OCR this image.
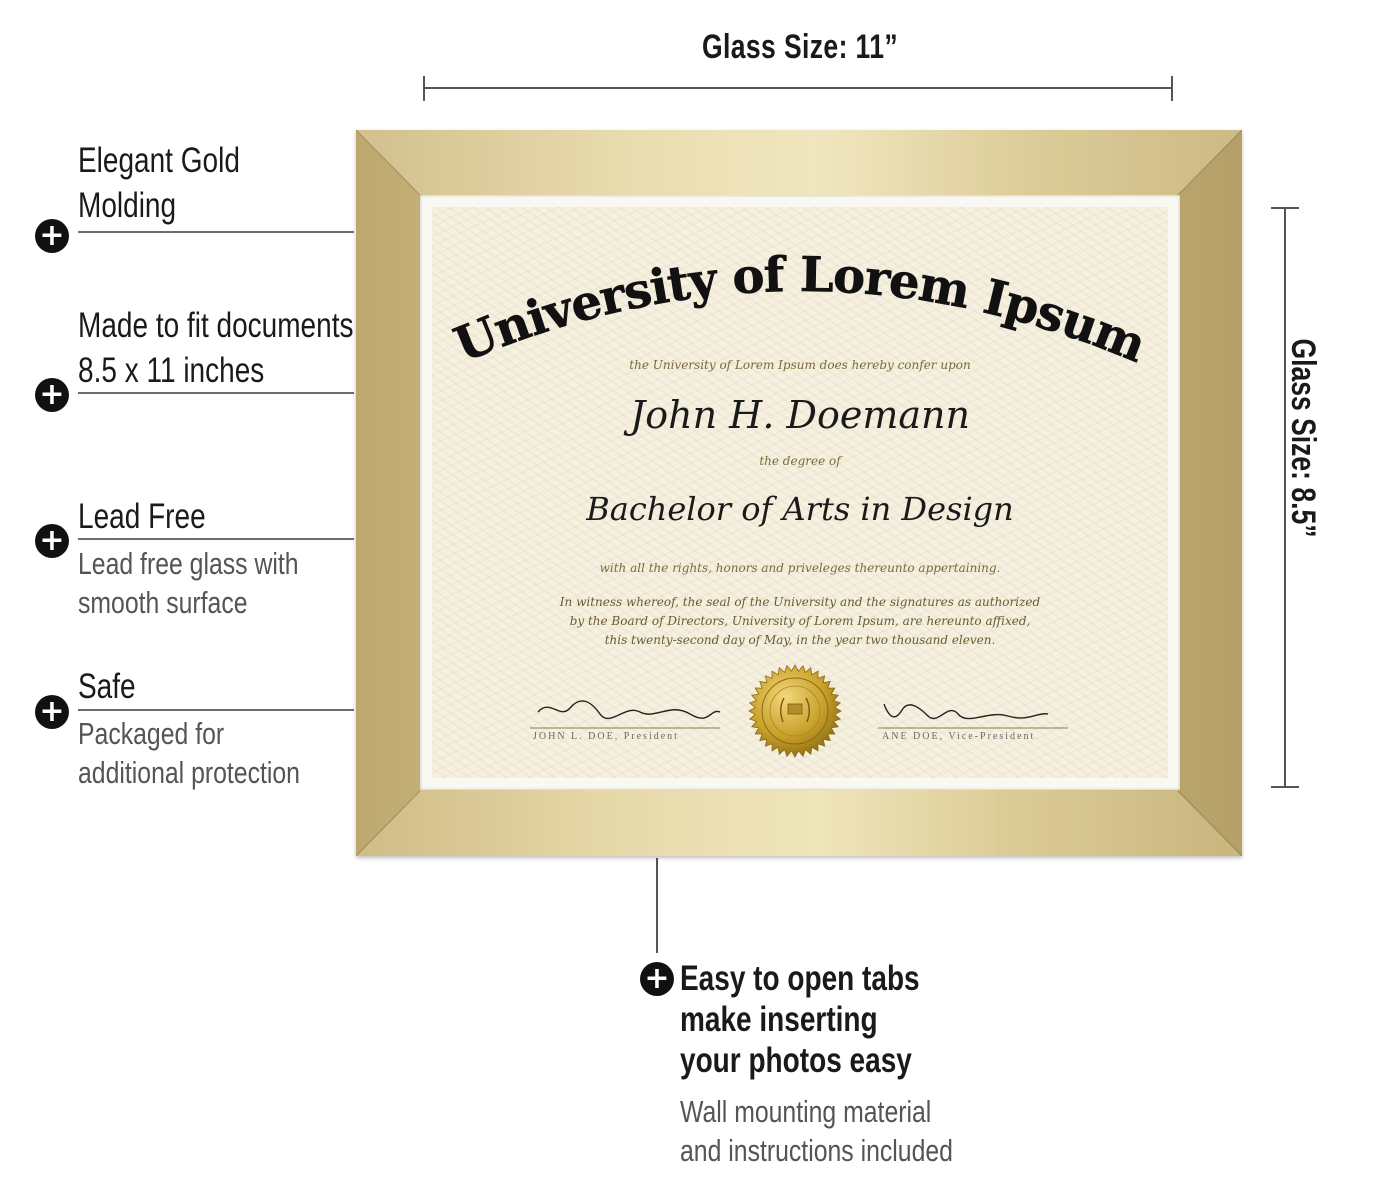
Glass Size: 11”
Glass Size: 8.5”
Elegant Gold
Molding
+
Made to fit documents
8.5 x 11 inches
+
Lead Free
+
Lead free glass with
smooth surface
Safe
+
Packaged for
additional protection
University of Lorem Ipsum
the University of Lorem Ipsum does hereby confer upon
John H. Doemann
the degree of
Bachelor of Arts in Design
with all the rights, honors and priveleges thereunto appertaining.
In witness whereof, the seal of the University and the signatures as authorized
by the Board of Directors, University of Lorem Ipsum, are hereunto affixed,
this twenty-second day of May, in the year two thousand eleven.
JOHN L. DOE, President	ANE DOE, Vice-President
+ Easy to open tabs
make inserting
your photos easy
Wall mounting material
and instructions included
